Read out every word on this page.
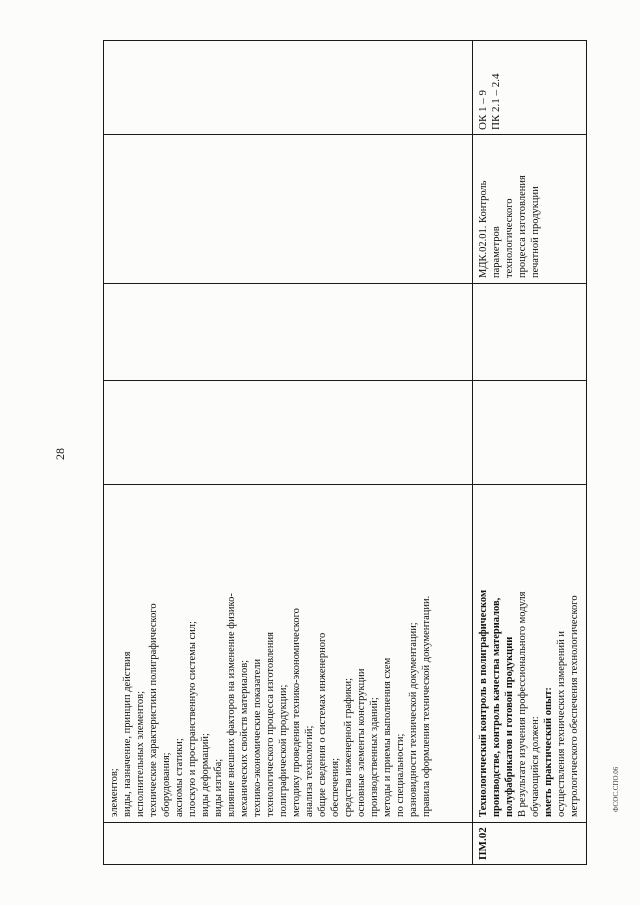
28
ФСОС.СПО.06
элементов; виды, назначение, принцип действия исполнительных элементов; технические характеристики полиграфического оборудования; аксиомы статики; плоскую и пространственную системы сил; виды деформаций; виды изгиба; влияние внешних факторов на изменение физико- механических свойств материалов; технико-экономические показатели технологического процесса изготовления полиграфической продукции; методику проведения технико-экономического анализа технологий; общие сведения о системах инженерного обеспечения; средства инженерной графики; основные элементы конструкции производственных зданий; методы и приемы выполнения схем по специальности; разновидности технической документации; правила оформления технической документации.
ПМ.02
Технологический контроль в полиграфическом производстве, контроль качества материалов, полуфабрикатов и готовой продукции В результате изучения профессионального модуля обучающийся должен: иметь практический опыт: осуществления технических измерений и метрологического обеспечения технологического
МДК.02.01. Контроль параметров технологического процесса изготовления печатной продукции
ОК 1 – 9 ПК 2.1 – 2.4
